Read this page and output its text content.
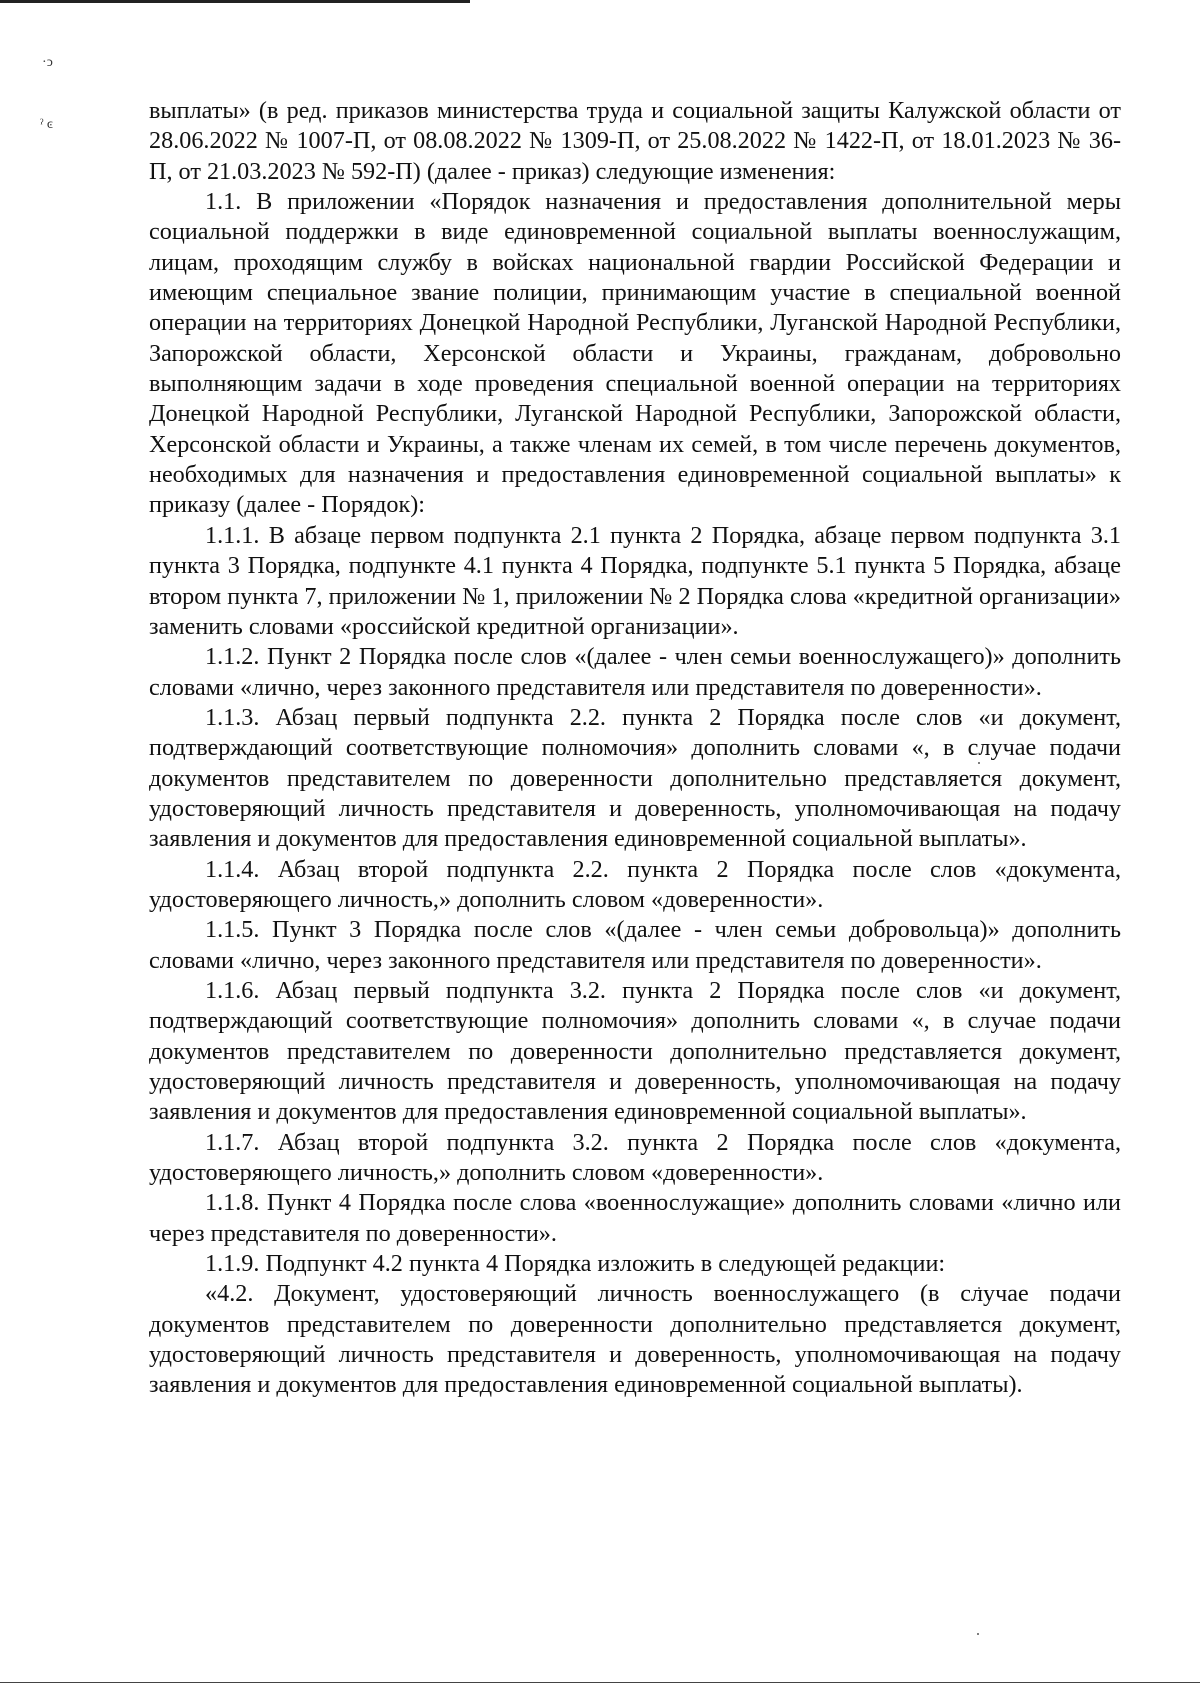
·ͻ
ˀ ͼ

выплаты» (в ред. приказов министерства труда и социальной защиты Калужской области от 28.06.2022 № 1007-П, от 08.08.2022 № 1309-П, от 25.08.2022 № 1422-П, от 18.01.2023 № 36-П, от 21.03.2023 № 592-П) (далее - приказ) следующие изменения:

1.1. В приложении «Порядок назначения и предоставления дополнительной меры социальной поддержки в виде единовременной социальной выплаты военнослужащим, лицам, проходящим службу в войсках национальной гвардии Российской Федерации и имеющим специальное звание полиции, принимающим участие в специальной военной операции на территориях Донецкой Народной Республики, Луганской Народной Республики, Запорожской области, Херсонской области и Украины, гражданам, добровольно выполняющим задачи в ходе проведения специальной военной операции на территориях Донецкой Народной Республики, Луганской Народной Республики, Запорожской области, Херсонской области и Украины, а также членам их семей, в том числе перечень документов, необходимых для назначения и предоставления единовременной социальной выплаты» к приказу (далее - Порядок):

1.1.1. В абзаце первом подпункта 2.1 пункта 2 Порядка, абзаце первом подпункта 3.1 пункта 3 Порядка, подпункте 4.1 пункта 4 Порядка, подпункте 5.1 пункта 5 Порядка, абзаце втором пункта 7, приложении № 1, приложении № 2 Порядка слова «кредитной организации» заменить словами «российской кредитной организации».

1.1.2. Пункт 2 Порядка после слов «(далее - член семьи военнослужащего)» дополнить словами «лично, через законного представителя или представителя по доверенности».

1.1.3. Абзац первый подпункта 2.2. пункта 2 Порядка после слов «и документ, подтверждающий соответствующие полномочия» дополнить словами «, в случае подачи документов представителем по доверенности дополнительно представляется документ, удостоверяющий личность представителя и доверенность, уполномочивающая на подачу заявления и документов для предоставления единовременной социальной выплаты».

1.1.4. Абзац второй подпункта 2.2. пункта 2 Порядка после слов «документа, удостоверяющего личность,» дополнить словом «доверенности».

1.1.5. Пункт 3 Порядка после слов «(далее - член семьи добровольца)» дополнить словами «лично, через законного представителя или представителя по доверенности».

1.1.6. Абзац первый подпункта 3.2. пункта 2 Порядка после слов «и документ, подтверждающий соответствующие полномочия» дополнить словами «, в случае подачи документов представителем по доверенности дополнительно представляется документ, удостоверяющий личность представителя и доверенность, уполномочивающая на подачу заявления и документов для предоставления единовременной социальной выплаты».

1.1.7. Абзац второй подпункта 3.2. пункта 2 Порядка после слов «документа, удостоверяющего личность,» дополнить словом «доверенности».

1.1.8. Пункт 4 Порядка после слова «военнослужащие» дополнить словами «лично или через представителя по доверенности».

1.1.9. Подпункт 4.2 пункта 4 Порядка изложить в следующей редакции:

«4.2. Документ, удостоверяющий личность военнослужащего (в случае подачи документов представителем по доверенности дополнительно представляется документ, удостоверяющий личность представителя и доверенность, уполномочивающая на подачу заявления и документов для предоставления единовременной социальной выплаты).
